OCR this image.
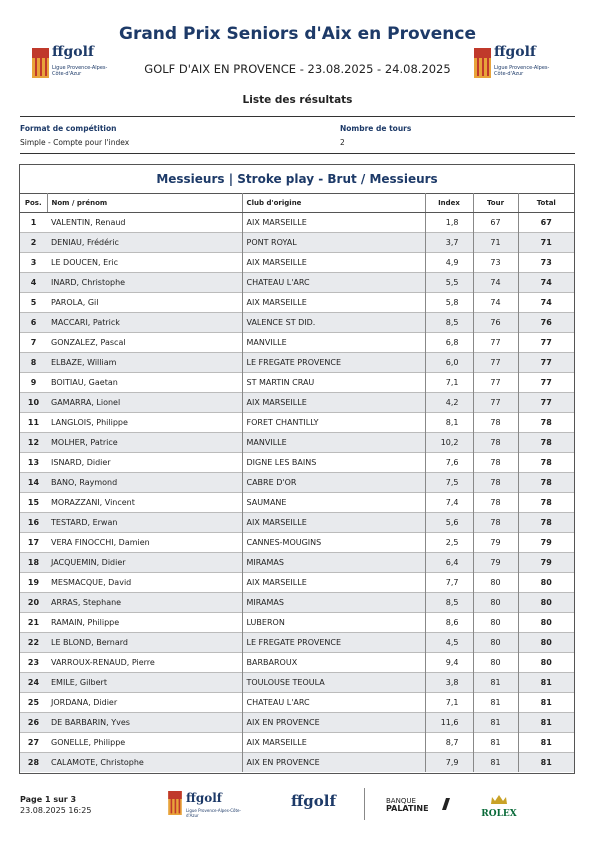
ffgolf
Ligue Provence-Alpes-Côte-d'Azur
ffgolf
Ligue Provence-Alpes-Côte-d'Azur
Grand Prix Seniors d'Aix en Provence
GOLF D'AIX EN PROVENCE - 23.08.2025 - 24.08.2025
Liste des résultats
Format de compétition
Simple - Compte pour l'index
Nombre de tours
2
Messieurs | Stroke play - Brut / Messieurs
Pos.	Nom / prénom	Club d'origine	Index	Tour	Total
1	VALENTIN, Renaud	AIX MARSEILLE	1,8	67	67
2	DENIAU, Frédéric	PONT ROYAL	3,7	71	71
3	LE DOUCEN, Eric	AIX MARSEILLE	4,9	73	73
4	INARD, Christophe	CHATEAU L'ARC	5,5	74	74
5	PAROLA, Gil	AIX MARSEILLE	5,8	74	74
6	MACCARI, Patrick	VALENCE ST DID.	8,5	76	76
7	GONZALEZ, Pascal	MANVILLE	6,8	77	77
8	ELBAZE, William	LE FREGATE PROVENCE	6,0	77	77
9	BOITIAU, Gaetan	ST MARTIN CRAU	7,1	77	77
10	GAMARRA, Lionel	AIX MARSEILLE	4,2	77	77
11	LANGLOIS, Philippe	FORET CHANTILLY	8,1	78	78
12	MOLHER, Patrice	MANVILLE	10,2	78	78
13	ISNARD, Didier	DIGNE LES BAINS	7,6	78	78
14	BANO, Raymond	CABRE D'OR	7,5	78	78
15	MORAZZANI, Vincent	SAUMANE	7,4	78	78
16	TESTARD, Erwan	AIX MARSEILLE	5,6	78	78
17	VERA FINOCCHI, Damien	CANNES-MOUGINS	2,5	79	79
18	JACQUEMIN, Didier	MIRAMAS	6,4	79	79
19	MESMACQUE, David	AIX MARSEILLE	7,7	80	80
20	ARRAS, Stephane	MIRAMAS	8,5	80	80
21	RAMAIN, Philippe	LUBERON	8,6	80	80
22	LE BLOND, Bernard	LE FREGATE PROVENCE	4,5	80	80
23	VARROUX-RENAUD, Pierre	BARBAROUX	9,4	80	80
24	EMILE, Gilbert	TOULOUSE TEOULA	3,8	81	81
25	JORDANA, Didier	CHATEAU L'ARC	7,1	81	81
26	DE BARBARIN, Yves	AIX EN PROVENCE	11,6	81	81
27	GONELLE, Philippe	AIX MARSEILLE	8,7	81	81
28	CALAMOTE, Christophe	AIX EN PROVENCE	7,9	81	81
Page 1 sur 3
23.08.2025 16:25
ffgolf
Ligue Provence-Alpes-Côte-d'Azur
ffgolf	BANQUE
PALATINE
ROLEX
